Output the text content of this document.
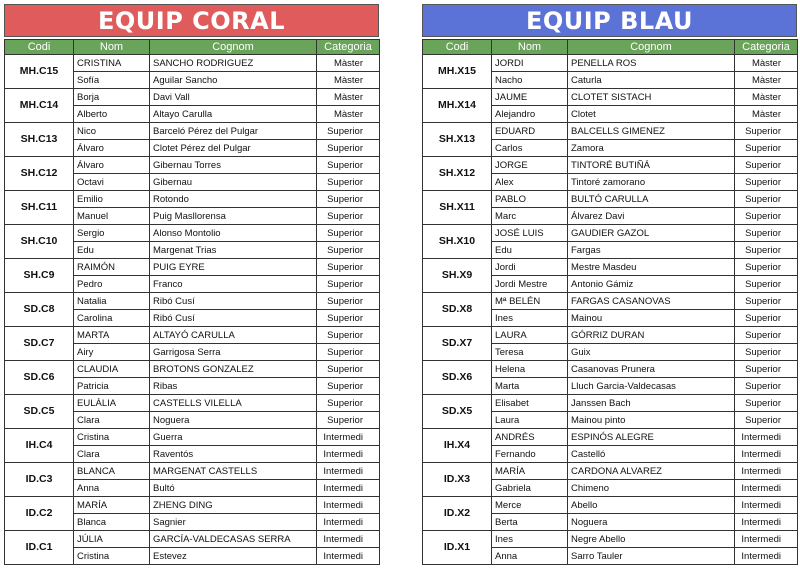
EQUIP CORAL
Codi	Nom	Cognom	Categoria
MH.C15	CRISTINA	SANCHO RODRIGUEZ	Màster
	Sofía	Aguilar Sancho	Màster
MH.C14	Borja	Davi Vall	Màster
	Alberto	Altayo Carulla	Màster
SH.C13	Nico	Barceló Pérez del Pulgar	Superior
	Álvaro	Clotet Pérez del Pulgar	Superior
SH.C12	Álvaro	Gibernau Torres	Superior
	Octavi	Gibernau	Superior
SH.C11	Emilio	Rotondo	Superior
	Manuel	Puig Masllorensa	Superior
SH.C10	Sergio	Alonso Montolio	Superior
	Edu	Margenat Trias	Superior
SH.C9	RAIMÓN	PUIG EYRE	Superior
	Pedro	Franco	Superior
SD.C8	Natalia	Ribó Cusí	Superior
	Carolina	Ribó Cusí	Superior
SD.C7	MARTA	ALTAYÓ CARULLA	Superior
	Airy	Garrigosa Serra	Superior
SD.C6	CLAUDIA	BROTONS GONZALEZ	Superior
	Patricia	Ribas	Superior
SD.C5	EULÀLIA	CASTELLS VILELLA	Superior
	Clara	Noguera	Superior
IH.C4	Cristina	Guerra	Intermedi
	Clara	Raventós	Intermedi
ID.C3	BLANCA	MARGENAT CASTELLS	Intermedi
	Anna	Bultó	Intermedi
ID.C2	MARÍA	ZHENG DING	Intermedi
	Blanca	Sagnier	Intermedi
ID.C1	JÚLIA	GARCÍA-VALDECASAS SERRA	Intermedi
	Cristina	Estevez	Intermedi
EQUIP BLAU
Codi	Nom	Cognom	Categoria
MH.X15	JORDI	PENELLA ROS	Màster
	Nacho	Caturla	Màster
MH.X14	JAUME	CLOTET SISTACH	Màster
	Alejandro	Clotet	Màster
SH.X13	EDUARD	BALCELLS GIMENEZ	Superior
	Carlos	Zamora	Superior
SH.X12	JORGE	TINTORÉ BUTIÑÁ	Superior
	Alex	Tintoré zamorano	Superior
SH.X11	PABLO	BULTÓ CARULLA	Superior
	Marc	Álvarez Davi	Superior
SH.X10	JOSÉ LUIS	GAUDIER GAZOL	Superior
	Edu	Fargas	Superior
SH.X9	Jordi	Mestre Masdeu	Superior
	Jordi Mestre	Antonio Gámiz	Superior
SD.X8	Mª BELÉN	FARGAS CASANOVAS	Superior
	Ines	Mainou	Superior
SD.X7	LAURA	GÓRRIZ DURAN	Superior
	Teresa	Guix	Superior
SD.X6	Helena	Casanovas Prunera	Superior
	Marta	Lluch Garcia-Valdecasas	Superior
SD.X5	Elisabet	Janssen Bach	Superior
	Laura	Mainou pinto	Superior
IH.X4	ANDRÉS	ESPINÓS ALEGRE	Intermedi
	Fernando	Castelló	Intermedi
ID.X3	MARÍA	CARDONA ALVAREZ	Intermedi
	Gabriela	Chimeno	Intermedi
ID.X2	Merce	Abello	Intermedi
	Berta	Noguera	Intermedi
ID.X1	Ines	Negre Abello	Intermedi
	Anna	Sarro Tauler	Intermedi
